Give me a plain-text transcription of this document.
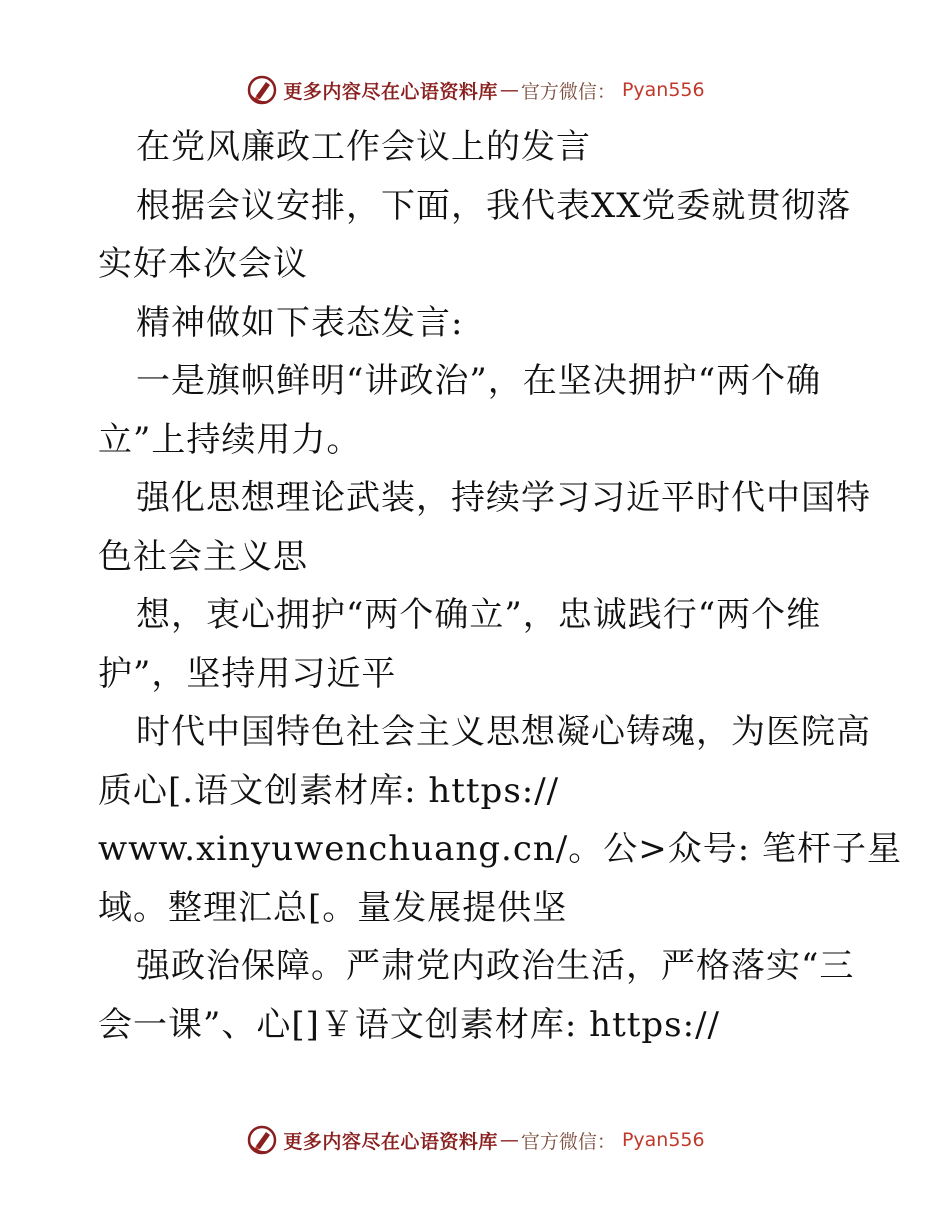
更多内容尽在心语资料库 — 官方微信： Pyan556
在党风廉政工作会议上的发言
根据会议安排，下面，我代表XX党委就贯彻落
实好本次会议
精神做如下表态发言:
一是旗帜鲜明“讲政治”，在坚决拥护“两个确
立”上持续用力。
强化思想理论武装，持续学习习近平时代中国特
色社会主义思
想，衷心拥护“两个确立”，忠诚践行“两个维
护”，坚持用习近平
时代中国特色社会主义思想凝心铸魂，为医院高
质心[.语文创素材库: https://
www.xinyuwenchuang.cn/。公>众号: 笔杆子星
域。整理汇总[。量发展提供坚
强政治保障。严肃党内政治生活，严格落实“三
会一课”、心[]￥语文创素材库: https://
更多内容尽在心语资料库 — 官方微信： Pyan556
